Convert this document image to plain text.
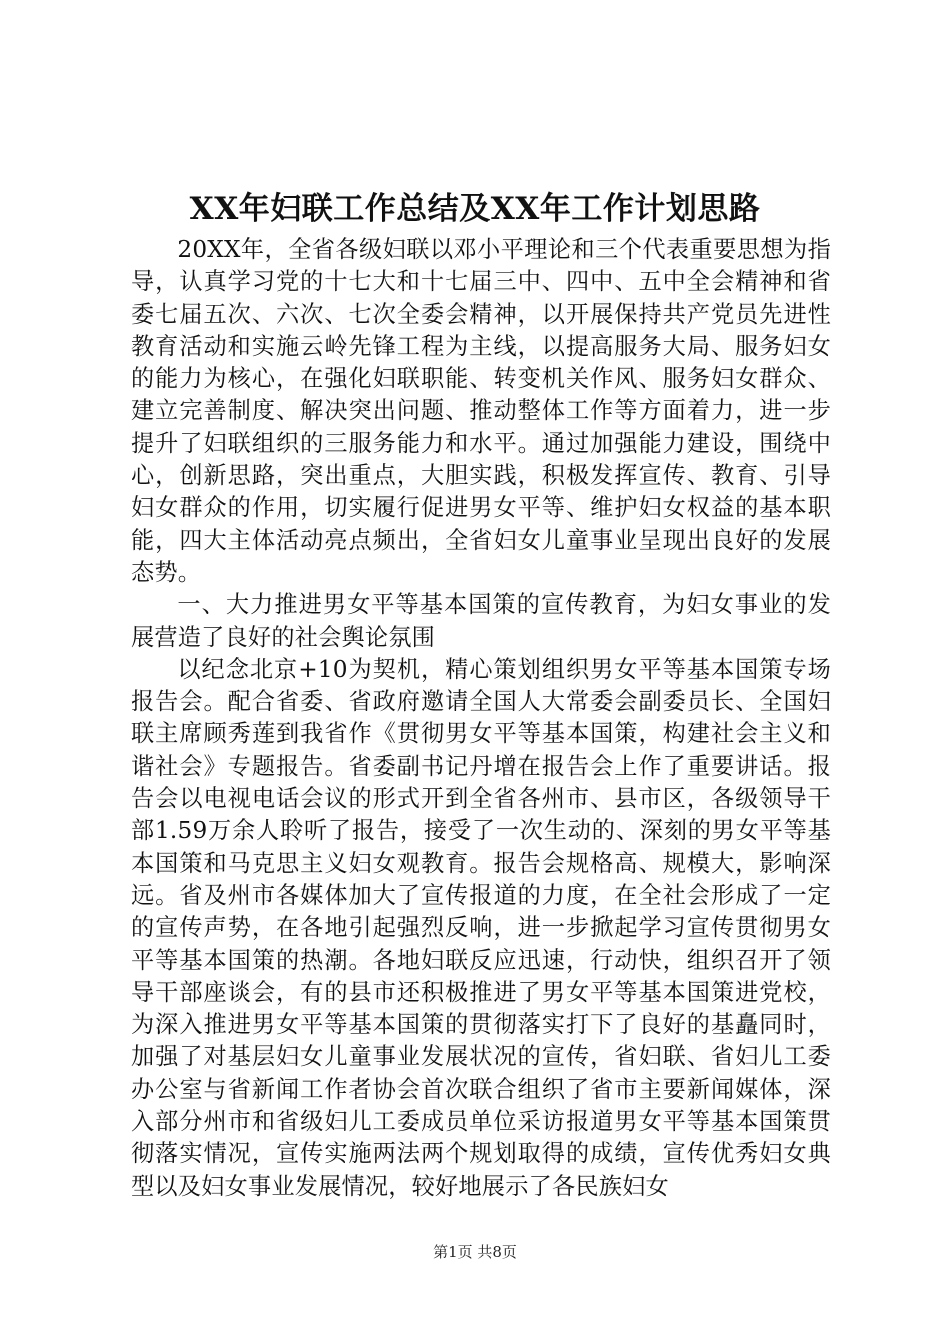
XX年妇联工作总结及XX年工作计划思路

20XX年，全省各级妇联以邓小平理论和三个代表重要思想为指导，认真学习党的十七大和十七届三中、四中、五中全会精神和省委七届五次、六次、七次全委会精神，以开展保持共产党员先进性教育活动和实施云岭先锋工程为主线，以提高服务大局、服务妇女的能力为核心，在强化妇联职能、转变机关作风、服务妇女群众、建立完善制度、解决突出问题、推动整体工作等方面着力，进一步提升了妇联组织的三服务能力和水平。通过加强能力建设，围绕中心，创新思路，突出重点，大胆实践，积极发挥宣传、教育、引导妇女群众的作用，切实履行促进男女平等、维护妇女权益的基本职能，四大主体活动亮点频出，全省妇女儿童事业呈现出良好的发展态势。

一、大力推进男女平等基本国策的宣传教育，为妇女事业的发展营造了良好的社会舆论氛围

以纪念北京+10为契机，精心策划组织男女平等基本国策专场报告会。配合省委、省政府邀请全国人大常委会副委员长、全国妇联主席顾秀莲到我省作《贯彻男女平等基本国策，构建社会主义和谐社会》专题报告。省委副书记丹增在报告会上作了重要讲话。报告会以电视电话会议的形式开到全省各州市、县市区，各级领导干部1.59万余人聆听了报告，接受了一次生动的、深刻的男女平等基本国策和马克思主义妇女观教育。报告会规格高、规模大，影响深远。省及州市各媒体加大了宣传报道的力度，在全社会形成了一定的宣传声势，在各地引起强烈反响，进一步掀起学习宣传贯彻男女平等基本国策的热潮。各地妇联反应迅速，行动快，组织召开了领导干部座谈会，有的县市还积极推进了男女平等基本国策进党校，为深入推进男女平等基本国策的贯彻落实打下了良好的基矗同时，加强了对基层妇女儿童事业发展状况的宣传，省妇联、省妇儿工委办公室与省新闻工作者协会首次联合组织了省市主要新闻媒体，深入部分州市和省级妇儿工委成员单位采访报道男女平等基本国策贯彻落实情况，宣传实施两法两个规划取得的成绩，宣传优秀妇女典型以及妇女事业发展情况，较好地展示了各民族妇女

第1页 共8页
